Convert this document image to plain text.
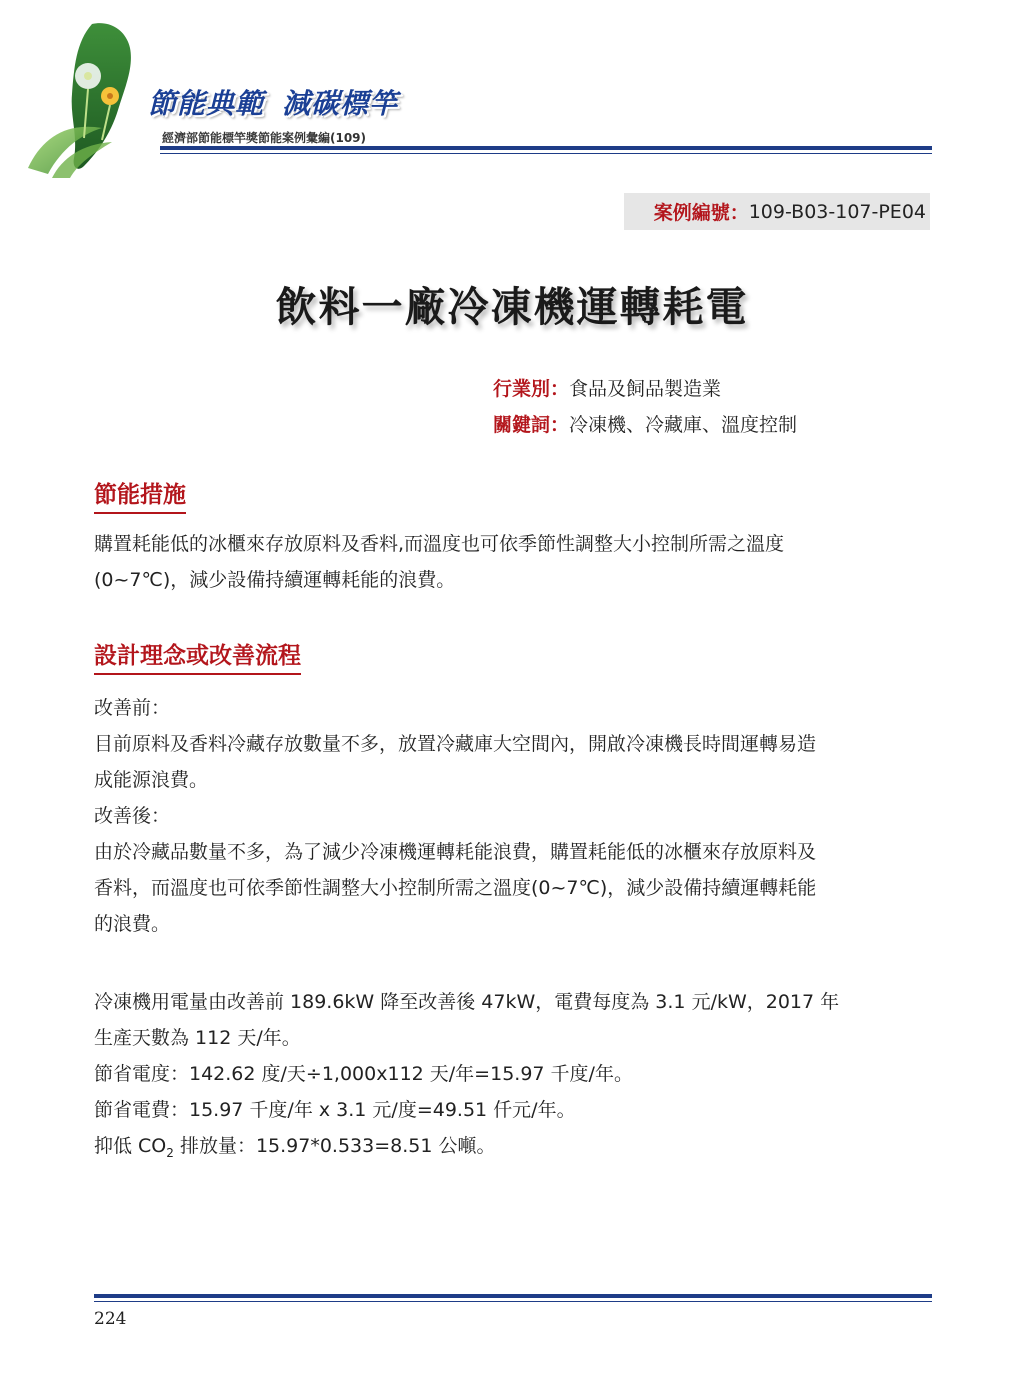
節能典範 減碳標竿
經濟部節能標竿獎節能案例彙編(109)
案例編號： 109-B03-107-PE04
飲料一廠冷凍機運轉耗電
行業別：食品及飼品製造業
關鍵詞：冷凍機、冷藏庫、溫度控制
節能措施
購置耗能低的冰櫃來存放原料及香料,而溫度也可依季節性調整大小控制所需之溫度
(0~7℃)，減少設備持續運轉耗能的浪費。
設計理念或改善流程
改善前：
目前原料及香料冷藏存放數量不多，放置冷藏庫大空間內，開啟冷凍機長時間運轉易造
成能源浪費。
改善後：
由於冷藏品數量不多，為了減少冷凍機運轉耗能浪費，購置耗能低的冰櫃來存放原料及
香料，而溫度也可依季節性調整大小控制所需之溫度(0~7℃)，減少設備持續運轉耗能
的浪費。
冷凍機用電量由改善前 189.6kW 降至改善後 47kW，電費每度為 3.1 元/kW，2017 年
生產天數為 112 天/年。
節省電度：142.62 度/天÷1,000x112 天/年=15.97 千度/年。
節省電費：15.97 千度/年 x 3.1 元/度=49.51 仟元/年。
抑低 $CO_2$ 排放量：15.97*0.533=8.51 公噸。
224
